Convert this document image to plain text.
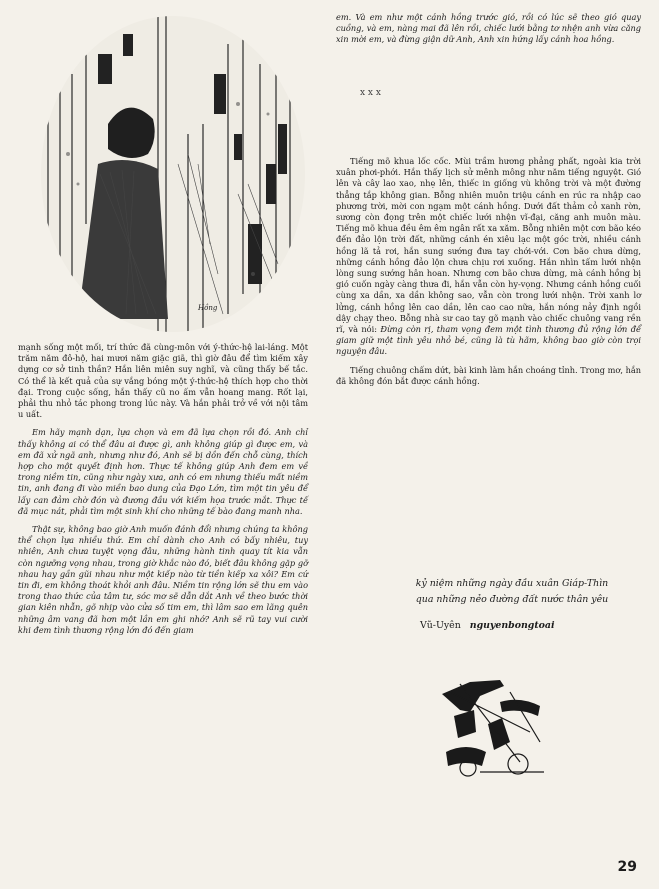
Hồng

mạnh sống một mối, trí thức đã cùng-môn với ý-thức-hệ lai-láng. Một trăm năm đô-hộ, hai mươi năm giặc giã, thì giờ đâu để tìm kiếm xây dựng cơ sở tinh thần? Hắn liên miên suy nghĩ, và cũng thấy bế tắc. Có thể là kết quả của sự vắng bóng một ý-thức-hệ thích hợp cho thời đại. Trong cuộc sống, hắn thấy cũ no ấm vẫn hoang mang. Rốt lại, phải thu nhỏ tác phong trong lúc này. Và hắn phải trở về với nội tâm u uất.

Em hãy mạnh dạn, lựa chọn và em đã lựa chọn rồi đó. Anh chỉ thấy không ai có thể đâu ai được gì, anh không giúp gì được em, và em đã xử ngã anh, nhưng như đó, Anh sẽ bị dồn đến chỗ cùng, thích hợp cho một quyết định hơn. Thực tế không giúp Anh đem em về trong niềm tin, cũng như ngày xưa, anh có em nhưng thiếu mất niềm tin, anh đang đi vào miền bao dung của Đạo Lớn, tìm một tin yêu để lấy can đảm chờ đón và đương đầu với kiếm họa trước mắt. Thực tế đã mục nát, phải tìm một sinh khí cho những tế bào đang manh nha.

Thật sự, không bao giờ Anh muốn đánh đổi nhưng chúng ta không thể chọn lựa nhiều thứ. Em chỉ dành cho Anh có bấy nhiêu, tuy nhiên, Anh chưa tuyệt vọng đâu, những hành tinh quay tít kia vẫn còn ngưỡng vọng nhau, trong giờ khắc nào đó, biết đâu không gặp gỡ nhau hay gần gũi nhau như một kiếp nào từ tiền kiếp xa xôi? Em cứ tin đi, em không thoát khỏi anh đâu. Niềm tin rộng lớn sẽ thu em vào trong thao thức của tâm tư, sóc mơ sẽ dẫn dắt Anh về theo bước thời gian kiên nhẫn, gõ nhịp vào cửa số tim em, thì lâm sao em lãng quên những âm vang đã hơn một lần em ghi nhớ? Anh sẽ rũ tay vui cười khi đem tình thương rộng lớn đó đến giam

em. Và em như một cánh hồng trước gió, rồi có lúc sẽ theo gió quay cuồng, và em, nàng mai đã lên rồi, chiếc lưới bằng tơ nhện anh vừa căng xin mời em, và đừng giận dữ Anh, Anh xin hứng lấy cánh hoa hồng.

x x x

Tiếng mõ khua lốc cốc. Mùi trầm hương phảng phất, ngoài kia trời xuân phơi-phới. Hắn thấy lịch sử mênh mông như năm tiếng nguyệt. Gió lên và cây lao xao, nhẹ lên, thiếc in giống vù không trời và một đường thẳng tắp không gian. Bỗng nhiên muôn triệu cánh en rúc ra nhập cao phương trời, mời con ngạm một cánh hồng. Dưới đất thảm cỏ xanh rờn, sương còn đọng trên một chiếc lưới nhện vĩ-đại, căng anh muôn màu. Tiếng mõ khua đều êm êm ngân rất xa xăm. Bỗng nhiên một cơn bão kéo đến đảo lộn trời đất, những cánh én xiêu lạc một góc trời, nhiều cánh hồng lã tả rơi, hắn sung sướng đưa tay chới-với. Cơn bão chưa dừng, những cánh hồng đảo lộn chưa chịu rơi xuống. Hắn nhìn tấm lưới nhện lòng sung sướng hân hoan. Nhưng cơn bão chưa dừng, mà cánh hồng bị gió cuốn ngày càng thưa đi, hắn vẫn còn hy-vọng. Nhưng cánh hồng cuối cùng xa dần, xa dần không sao, vẫn còn trong lưới nhện. Trời xanh lơ lửng, cánh hồng lên cao dần, lên cao cao nữa, hắn nóng nảy định ngồi dậy chạy theo. Bỗng nhà sư cao tay gõ mạnh vào chiếc chuông vang rền rĩ, và nói: Đừng còn rị, tham vọng đem một tình thương đủ rộng lớn để giam giữ một tình yêu nhỏ bé, cũng là tù hãm, không bao giờ còn trọi nguyện đâu.

Tiếng chuông chấm dứt, bài kinh làm hắn choáng tỉnh. Trong mơ, hắn đã không đón bắt được cánh hồng.

kỷ niệm những ngày đầu xuân Giáp-Thìn
qua những nẻo đường đất nước thân yêu
Vũ-Uyên nguyenbongtoai
29
